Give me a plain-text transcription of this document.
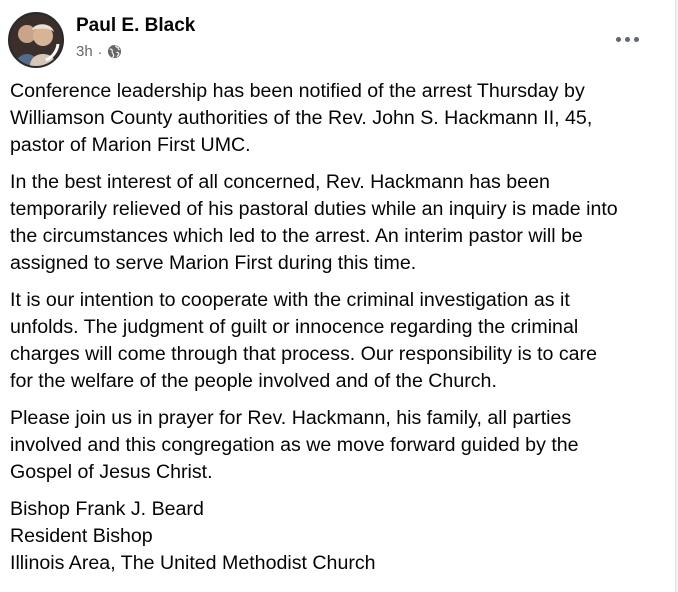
Paul E. Black
3h ·

Conference leadership has been notified of the arrest Thursday by
Williamson County authorities of the Rev. John S. Hackmann II, 45,
pastor of Marion First UMC.

In the best interest of all concerned, Rev. Hackmann has been
temporarily relieved of his pastoral duties while an inquiry is made into
the circumstances which led to the arrest. An interim pastor will be
assigned to serve Marion First during this time.

It is our intention to cooperate with the criminal investigation as it
unfolds. The judgment of guilt or innocence regarding the criminal
charges will come through that process. Our responsibility is to care
for the welfare of the people involved and of the Church.

Please join us in prayer for Rev. Hackmann, his family, all parties
involved and this congregation as we move forward guided by the
Gospel of Jesus Christ.

Bishop Frank J. Beard
Resident Bishop
Illinois Area, The United Methodist Church
